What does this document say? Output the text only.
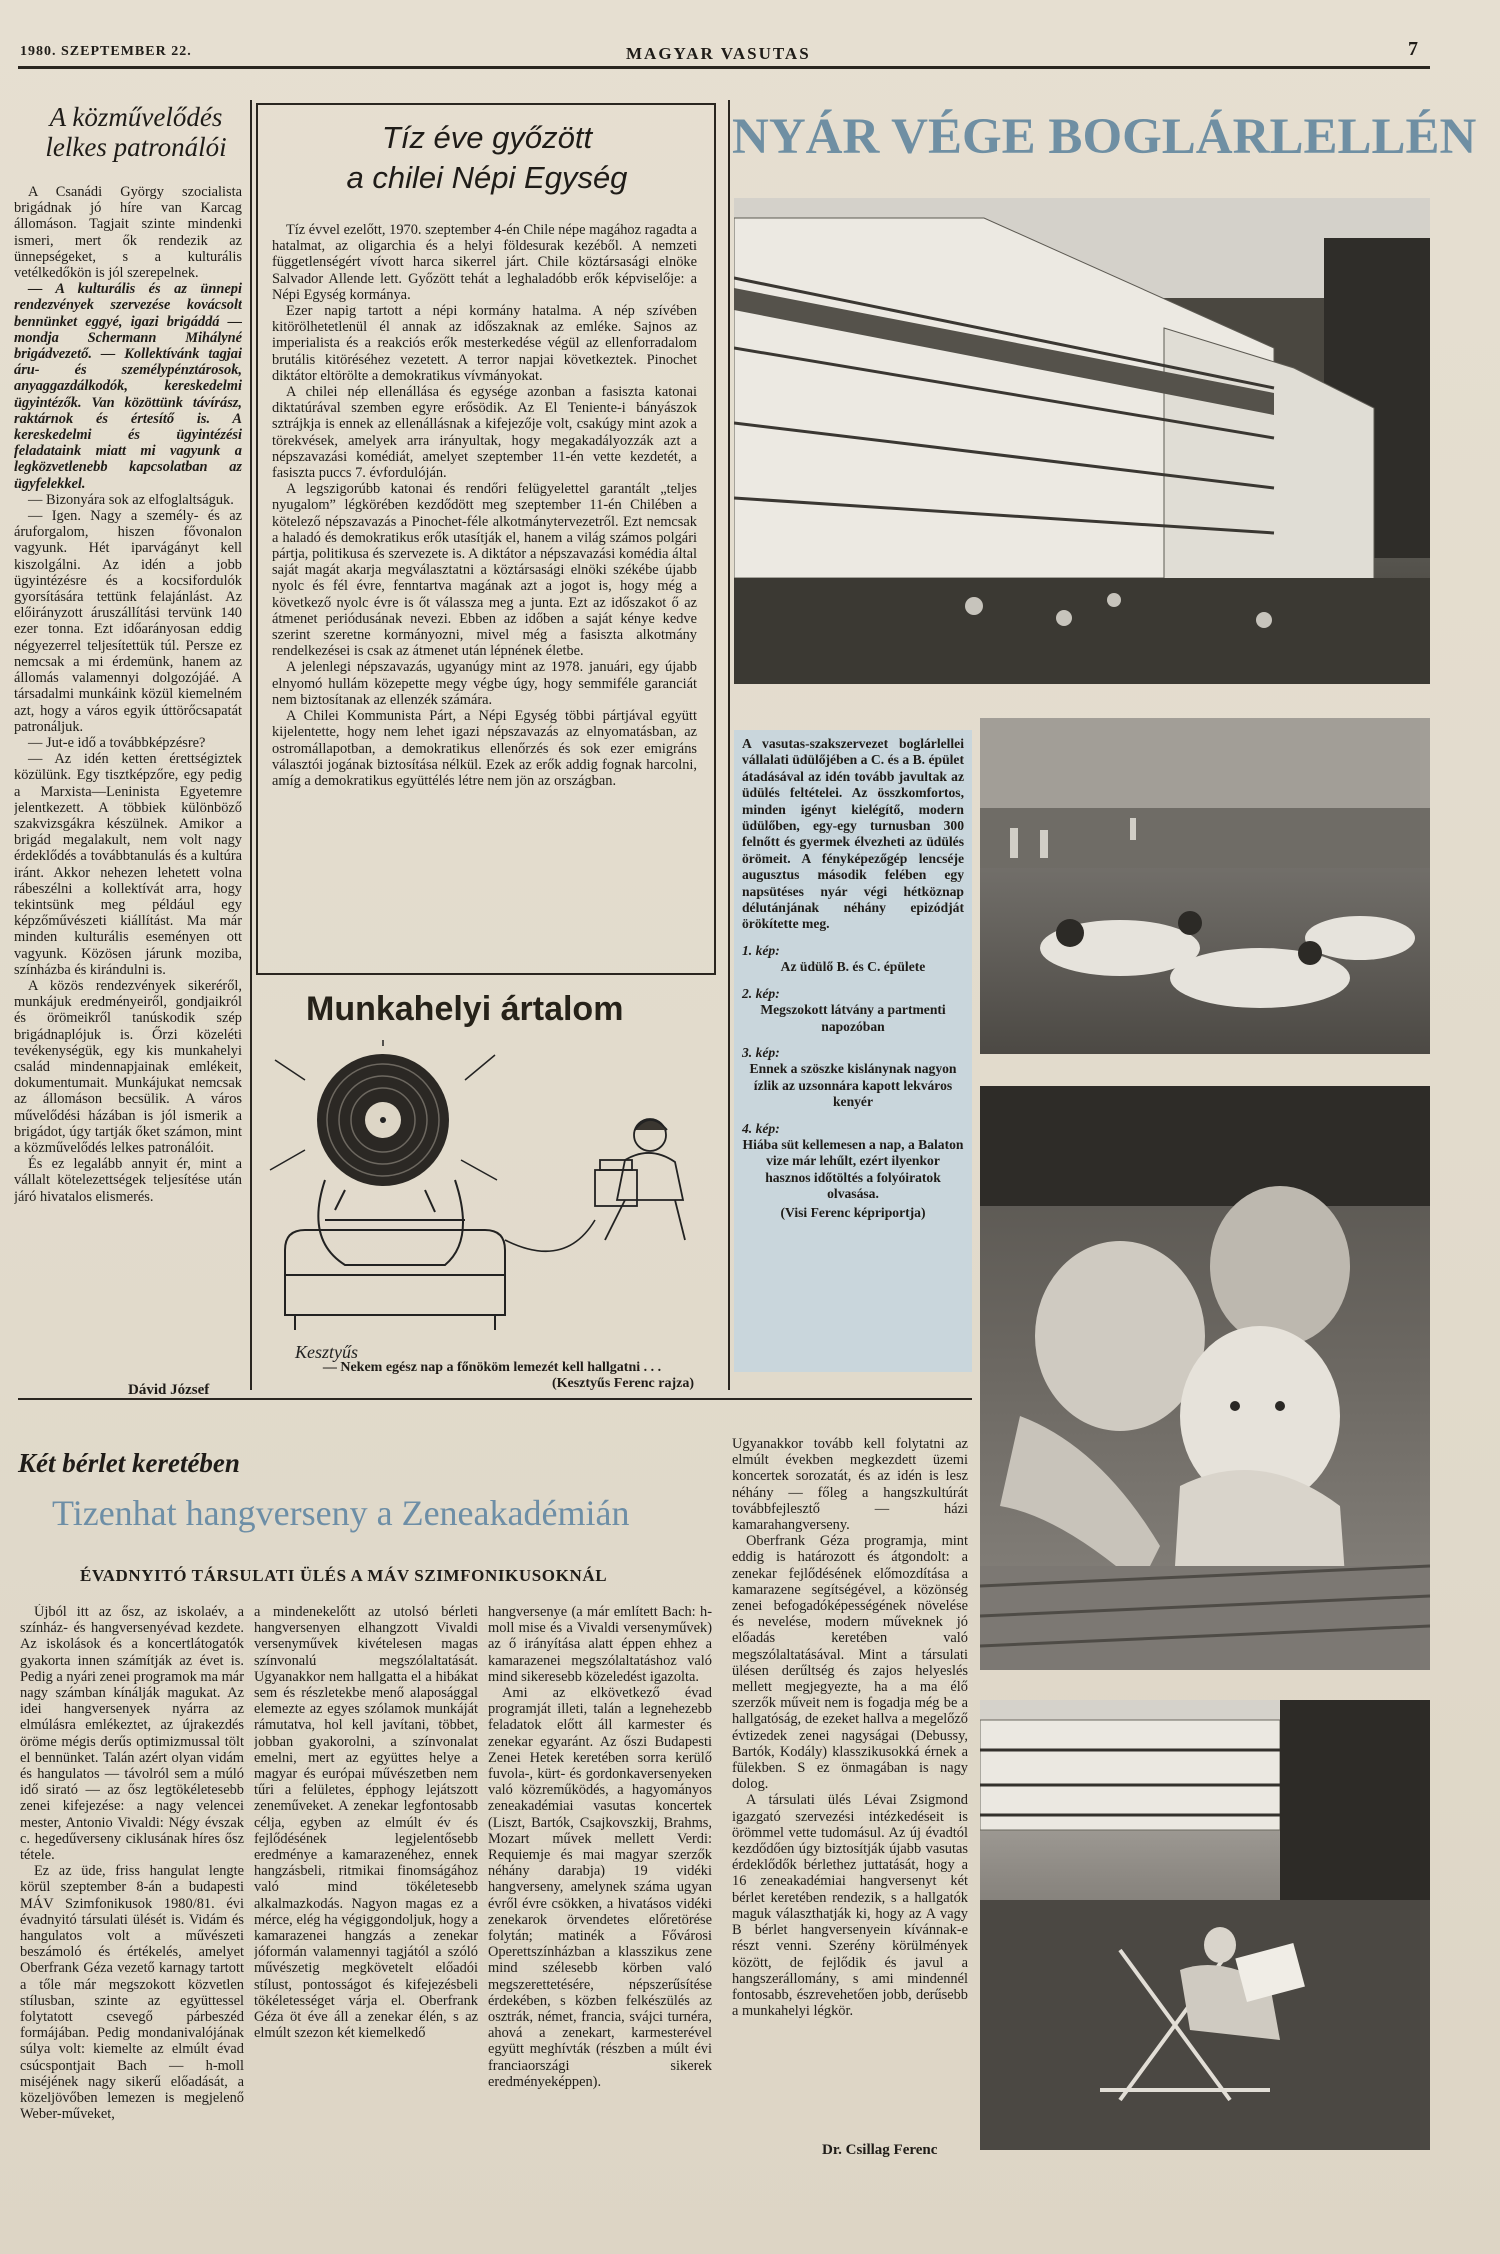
1980. SZEPTEMBER 22.	MAGYAR VASUTAS	7
A közművelődés
lelkes patronálói

A Csanádi György szocialista brigádnak jó híre van Karcag állomáson. Tagjait szinte mindenki ismeri, mert ők rendezik az ünnepségeket, s a kulturális vetélkedőkön is jól szerepelnek.

— A kulturális és az ünnepi rendezvények szervezése kovácsolt bennünket eggyé, igazi brigáddá — mondja Schermann Mihályné brigádvezető. — Kollektívánk tagjai áru- és személypénztárosok, anyaggazdálkodók, kereskedelmi ügyintézők. Van közöttünk távírász, raktárnok és értesítő is. A kereskedelmi és ügyintézési feladataink miatt mi vagyunk a legközvetlenebb kapcsolatban az ügyfelekkel.

— Bizonyára sok az elfoglaltságuk.

— Igen. Nagy a személy- és az áruforgalom, hiszen fővonalon vagyunk. Hét iparvágányt kell kiszolgálni. Az idén a jobb ügyintézésre és a kocsifordulók gyorsítására tettünk felajánlást. Az előirányzott áruszállítási tervünk 140 ezer tonna. Ezt időarányosan eddig négyezerrel teljesítettük túl. Persze ez nemcsak a mi érdemünk, hanem az állomás valamennyi dolgozójáé. A társadalmi munkáink közül kiemelném azt, hogy a város egyik úttörőcsapatát patronáljuk.

— Jut-e idő a továbbképzésre?

— Az idén ketten érettségiztek közülünk. Egy tisztképzőre, egy pedig a Marxista—Leninista Egyetemre jelentkezett. A többiek különböző szakvizsgákra készülnek. Amikor a brigád megalakult, nem volt nagy érdeklődés a továbbtanulás és a kultúra iránt. Akkor nehezen lehetett volna rábeszélni a kollektívát arra, hogy tekintsünk meg például egy képzőművészeti kiállítást. Ma már minden kulturális eseményen ott vagyunk. Közösen járunk moziba, színházba és kirándulni is.

A közös rendezvények sikeréről, munkájuk eredményeiről, gondjaikról és örömeikről tanúskodik szép brigádnaplójuk is. Őrzi közeléti tevékenységük, egy kis munkahelyi család mindennapjainak emlékeit, dokumentumait. Munkájukat nemcsak az állomáson becsülik. A város művelődési házában is jól ismerik a brigádot, úgy tartják őket számon, mint a közművelődés lelkes patronálóit.

És ez legalább annyit ér, mint a vállalt kötelezettségek teljesítése után járó hivatalos elismerés.

Dávid József
Tíz éve győzött
a chilei Népi Egység

Tíz évvel ezelőtt, 1970. szeptember 4-én Chile népe magához ragadta a hatalmat, az oligarchia és a helyi földesurak kezéből. A nemzeti függetlenségért vívott harca sikerrel járt. Chile köztársasági elnöke Salvador Allende lett. Győzött tehát a leghaladóbb erők képviselője: a Népi Egység kormánya.

Ezer napig tartott a népi kormány hatalma. A nép szívében kitörölhetetlenül él annak az időszaknak az emléke. Sajnos az imperialista és a reakciós erők mesterkedése végül az ellenforradalom brutális kitöréséhez vezetett. A terror napjai következtek. Pinochet diktátor eltörölte a demokratikus vívmányokat.

A chilei nép ellenállása és egysége azonban a fasiszta katonai diktatúrával szemben egyre erősödik. Az El Teniente-i bányászok sztrájkja is ennek az ellenállásnak a kifejezője volt, csakúgy mint azok a törekvések, amelyek arra irányultak, hogy megakadályozzák azt a népszavazási komédiát, amelyet szeptember 11-én vette kezdetét, a fasiszta puccs 7. évfordulóján.

A legszigorúbb katonai és rendőri felügyelettel garantált „teljes nyugalom” légkörében kezdődött meg szeptember 11-én Chilében a kötelező népszavazás a Pinochet-féle alkotmánytervezetről. Ezt nemcsak a haladó és demokratikus erők utasítják el, hanem a világ számos polgári pártja, politikusa és szervezete is. A diktátor a népszavazási komédia által saját magát akarja megválasztatni a köztársasági elnöki székébe újabb nyolc és fél évre, fenntartva magának azt a jogot is, hogy még a következő nyolc évre is őt válassza meg a junta. Ezt az időszakot ő az átmenet periódusának nevezi. Ebben az időben a saját kénye kedve szerint szeretne kormányozni, mivel még a fasiszta alkotmány rendelkezései is csak az átmenet után lépnének életbe.

A jelenlegi népszavazás, ugyanúgy mint az 1978. januári, egy újabb elnyomó hullám közepette megy végbe úgy, hogy semmiféle garanciát nem biztosítanak az ellenzék számára.

A Chilei Kommunista Párt, a Népi Egység többi pártjával együtt kijelentette, hogy nem lehet igazi népszavazás az elnyomatásban, az ostromállapotban, a demokratikus ellenőrzés és sok ezer emigráns választói jogának biztosítása nélkül. Ezek az erők addig fognak harcolni, amíg a demokratikus együttélés létre nem jön az országban.

Munkahelyi ártalom
Kesztyűs
— Nekem egész nap a főnököm lemezét kell hallgatni . . .
(Kesztyűs Ferenc rajza)
NYÁR VÉGE BOGLÁRLELLÉN

A vasutas-szakszervezet boglárlellei vállalati üdülőjében a C. és a B. épület átadásával az idén tovább javultak az üdülés feltételei. Az összkomfortos, minden igényt kielégítő, modern üdülőben, egy-egy turnusban 300 felnőtt és gyermek élvezheti az üdülés örömeit. A fényképezőgép lencséje augusztus második felében egy napsütéses nyár végi hétköznap délutánjának néhány epizódját örökítette meg.

1. kép:

Az üdülő B. és C. épülete

2. kép:

Megszokott látvány a partmenti napozóban

3. kép:

Ennek a szöszke kislánynak nagyon ízlik az uzsonnára kapott lekváros kenyér

4. kép:

Hiába süt kellemesen a nap, a Balaton vize már lehűlt, ezért ilyenkor hasznos időtöltés a folyóiratok olvasása.

(Visi Ferenc képriportja)

Két bérlet keretében
Tizenhat hangverseny a Zeneakadémián
ÉVADNYITÓ TÁRSULATI ÜLÉS A MÁV SZIMFONIKUSOKNÁL

Újból itt az ősz, az iskolaév, a színház- és hangversenyévad kezdete. Az iskolások és a koncertlátogatók gyakorta innen számítják az évet is. Pedig a nyári zenei programok ma már nagy számban kínálják magukat. Az idei hangversenyek nyárra az elmúlásra emlékeztet, az újrakezdés öröme mégis derűs optimizmussal tölt el bennünket. Talán azért olyan vidám és hangulatos — távolról sem a múló idő sirató — az ősz legtökéletesebb zenei kifejezése: a nagy velencei mester, Antonio Vivaldi: Négy évszak c. hegedűverseny ciklusának híres ősz tétele.

Ez az üde, friss hangulat lengte körül szeptember 8-án a budapesti MÁV Szimfonikusok 1980/81. évi évadnyitó társulati ülését is. Vidám és hangulatos volt a művészeti beszámoló és értékelés, amelyet Oberfrank Géza vezető karnagy tartott a tőle már megszokott közvetlen stílusban, szinte az együttessel folytatott csevegő párbeszéd formájában. Pedig mondanivalójának súlya volt: kiemelte az elmúlt évad csúcspontjait Bach — h-moll miséjének nagy sikerű előadását, a közeljövőben lemezen is megjelenő Weber-műveket,

a mindenekelőtt az utolsó bérleti hangversenyen elhangzott Vivaldi versenyművek kivételesen magas színvonalú megszólaltatását. Ugyanakkor nem hallgatta el a hibákat sem és részletekbe menő alaposággal elemezte az egyes szólamok munkáját rámutatva, hol kell javítani, többet, jobban gyakorolni, a színvonalat emelni, mert az együttes helye a magyar és európai művészetben nem tűri a felületes, épphogy lejátszott zeneműveket. A zenekar legfontosabb célja, egyben az elmúlt év és fejlődésének legjelentősebb eredménye a kamarazenéhez, ennek hangzásbeli, ritmikai finomságához való mind tökéletesebb alkalmazkodás. Nagyon magas ez a mérce, elég ha végiggondoljuk, hogy a kamarazenei hangzás a zenekar jóformán valamennyi tagjától a szóló művészetig megkövetelt előadói stílust, pontosságot és kifejezésbeli tökéletességet várja el. Oberfrank Géza öt éve áll a zenekar élén, s az elmúlt szezon két kiemelkedő

hangversenye (a már említett Bach: h-moll mise és a Vivaldi versenyművek) az ő irányítása alatt éppen ehhez a kamarazenei megszólaltatáshoz való mind sikeresebb közeledést igazolta.

Ami az elkövetkező évad programját illeti, talán a legnehezebb feladatok előtt áll karmester és zenekar egyaránt. Az őszi Budapesti Zenei Hetek keretében sorra kerülő fuvola-, kürt- és gordonkaversenyeken való közreműködés, a hagyományos zeneakadémiai vasutas koncertek (Liszt, Bartók, Csajkovszkij, Brahms, Mozart művek mellett Verdi: Requiemje és mai magyar szerzők néhány darabja) 19 vidéki hangverseny, amelynek száma ugyan évről évre csökken, a hivatásos vidéki zenekarok örvendetes előretörése folytán; matinék a Fővárosi Operettszínházban a klasszikus zene mind szélesebb körben való megszerettetésére, népszerűsítése érdekében, s közben felkészülés az osztrák, német, francia, svájci turnéra, ahová a zenekart, karmesterével együtt meghívták (részben a múlt évi franciaországi sikerek eredményeképpen).

Ugyanakkor tovább kell folytatni az elmúlt években megkezdett üzemi koncertek sorozatát, és az idén is lesz néhány — főleg a hangszkultúrát továbbfejlesztő — házi kamarahangverseny.

Oberfrank Géza programja, mint eddig is határozott és átgondolt: a zenekar fejlődésének előmozdítása a kamarazene segítségével, a közönség zenei befogadóképességének növelése és nevelése, modern műveknek jó előadás keretében való megszólaltatásával. Mint a társulati ülésen derűltség és zajos helyeslés mellett megjegyezte, ha a ma élő szerzők műveit nem is fogadja még be a hallgatóság, de ezeket hallva a megelőző évtizedek zenei nagyságai (Debussy, Bartók, Kodály) klasszikusokká érnek a fülekben. S ez önmagában is nagy dolog.

A társulati ülés Lévai Zsigmond igazgató szervezési intézkedéseit is örömmel vette tudomásul. Az új évadtól kezdődően úgy biztosítják újabb vasutas érdeklődők bérlethez juttatását, hogy a 16 zeneakadémiai hangversenyt két bérlet keretében rendezik, s a hallgatók maguk választhatják ki, hogy az A vagy B bérlet hangversenyein kívánnak-e részt venni. Szerény körülmények között, de fejlődik és javul a hangszerállomány, s ami mindennél fontosabb, észrevehetően jobb, derűsebb a munkahelyi légkör.

Dr. Csillag Ferenc
